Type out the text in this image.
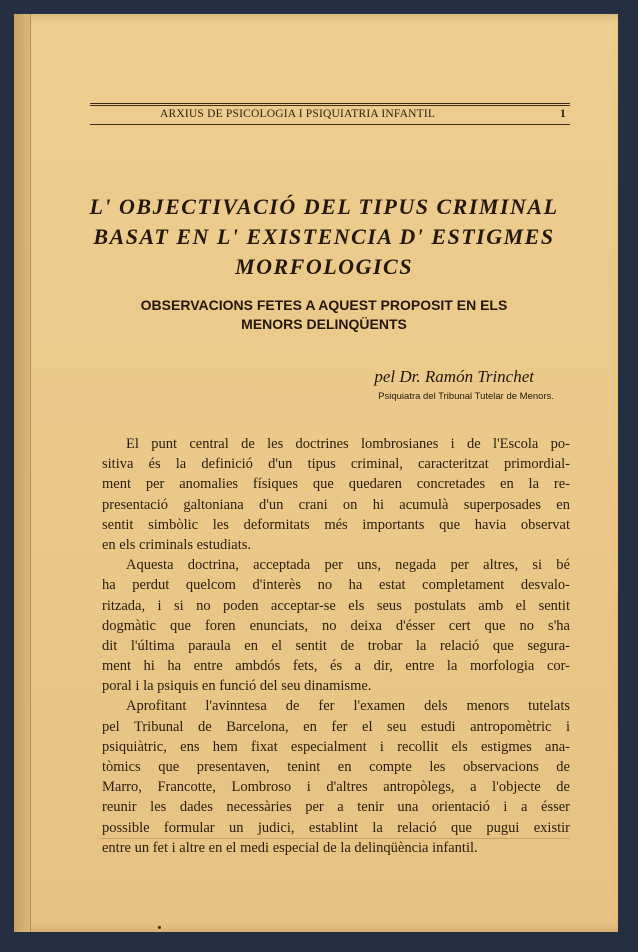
ARXIUS DE PSICOLOGIA I PSIQUIATRIA INFANTIL	1
L' OBJECTIVACIÓ DEL TIPUS CRIMINAL
BASAT EN L' EXISTENCIA D' ESTIGMES
MORFOLOGICS
OBSERVACIONS FETES A AQUEST PROPOSIT EN ELS
MENORS DELINQÜENTS
pel Dr. Ramón Trinchet
Psiquiatra del Tribunal Tutelar de Menors.
El punt central de les doctrines lombrosianes i de l'Escola po-
sitiva és la definició d'un tipus criminal, caracteritzat primordial-
ment per anomalies físiques que quedaren concretades en la re-
presentació galtoniana d'un crani on hi acumulà superposades en
sentit simbòlic les deformitats més importants que havia observat
en els criminals estudiats.
Aquesta doctrina, acceptada per uns, negada per altres, si bé
ha perdut quelcom d'interès no ha estat completament desvalo-
ritzada, i si no poden acceptar-se els seus postulats amb el sentit
dogmàtic que foren enunciats, no deixa d'ésser cert que no s'ha
dit l'última paraula en el sentit de trobar la relació que segura-
ment hi ha entre ambdós fets, és a dir, entre la morfologia cor-
poral i la psiquis en funció del seu dinamisme.
Aprofitant l'avinntesa de fer l'examen dels menors tutelats
pel Tribunal de Barcelona, en fer el seu estudi antropomètric i
psiquiàtric, ens hem fixat especialment i recollit els estigmes ana-
tòmics que presentaven, tenint en compte les observacions de
Marro, Francotte, Lombroso i d'altres antropòlegs, a l'objecte de
reunir les dades necessàries per a tenir una orientació i a ésser
possible formular un judici, establint la relació que pugui existir
entre un fet i altre en el medi especial de la delinqüència infantil.
